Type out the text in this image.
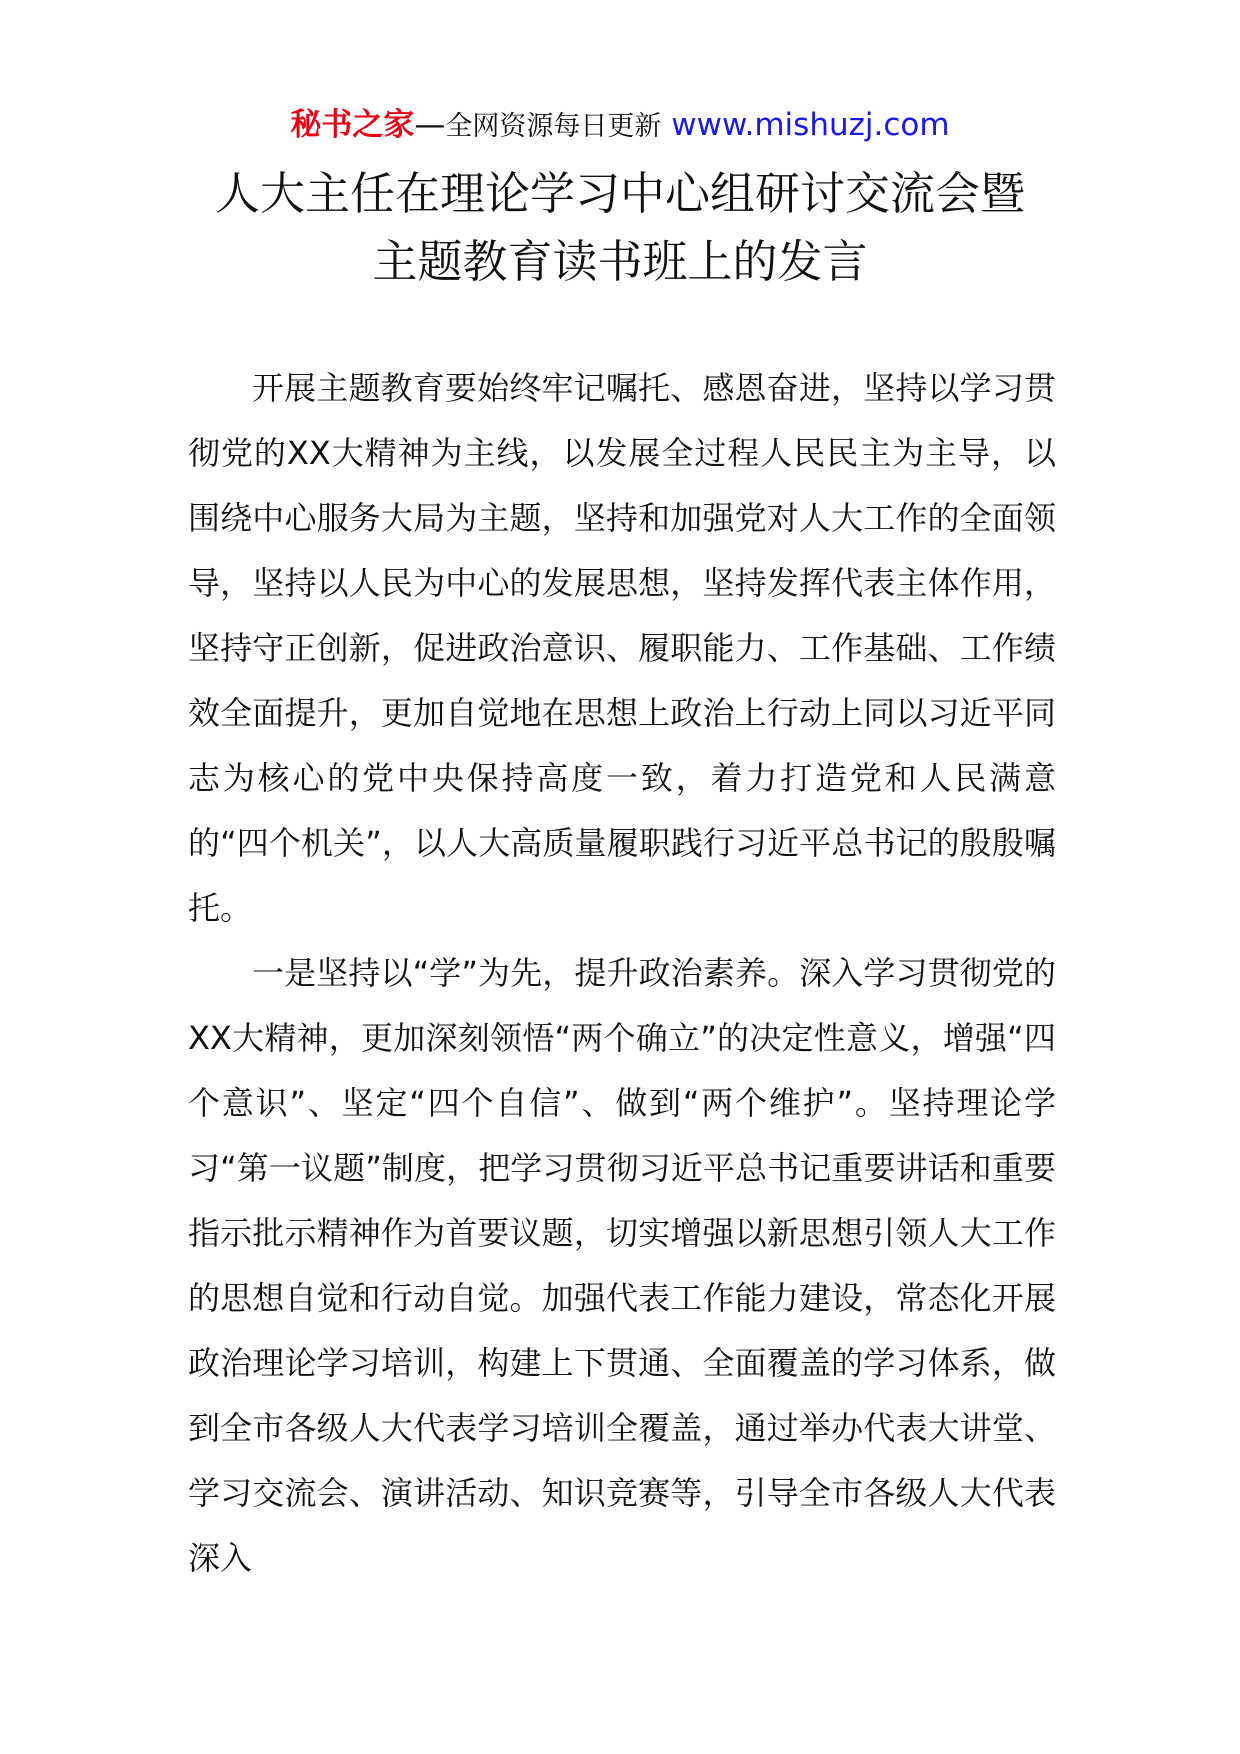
秘书之家—全网资源每日更新 www.mishuzj.com
人大主任在理论学习中心组研讨交流会暨
主题教育读书班上的发言

开展主题教育要始终牢记嘱托、感恩奋进，坚持以学习贯彻党的XX大精神为主线，以发展全过程人民民主为主导，以围绕中心服务大局为主题，坚持和加强党对人大工作的全面领导，坚持以人民为中心的发展思想，坚持发挥代表主体作用，坚持守正创新，促进政治意识、履职能力、工作基础、工作绩效全面提升，更加自觉地在思想上政治上行动上同以习近平同志为核心的党中央保持高度一致，着力打造党和人民满意的“四个机关”，以人大高质量履职践行习近平总书记的殷殷嘱托。

一是坚持以“学”为先，提升政治素养。深入学习贯彻党的XX大精神，更加深刻领悟“两个确立”的决定性意义，增强“四个意识”、坚定“四个自信”、做到“两个维护”。坚持理论学习“第一议题”制度，把学习贯彻习近平总书记重要讲话和重要指示批示精神作为首要议题，切实增强以新思想引领人大工作的思想自觉和行动自觉。加强代表工作能力建设，常态化开展政治理论学习培训，构建上下贯通、全面覆盖的学习体系，做到全市各级人大代表学习培训全覆盖，通过举办代表大讲堂、学习交流会、演讲活动、知识竞赛等，引导全市各级人大代表深入
